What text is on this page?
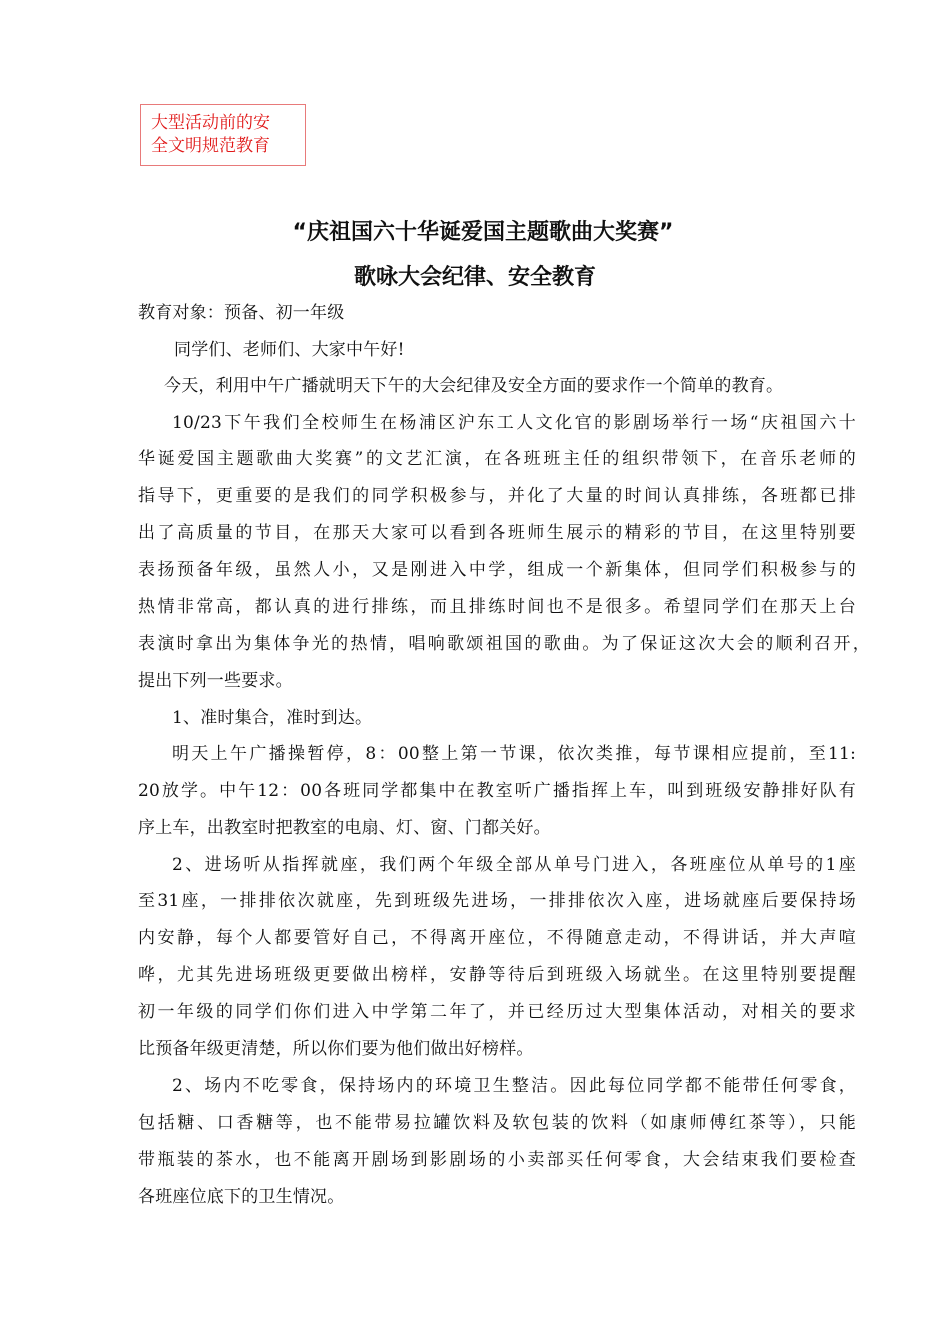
大型活动前的安
全文明规范教育
“庆祖国六十华诞爱国主题歌曲大奖赛”
歌咏大会纪律、安全教育
教育对象：预备、初一年级
同学们、老师们、大家中午好!
今天，利用中午广播就明天下午的大会纪律及安全方面的要求作一个简单的教育。
10/23下午我们全校师生在杨浦区沪东工人文化官的影剧场举行一场“庆祖国六十
华诞爱国主题歌曲大奖赛”的文艺汇演，在各班班主任的组织带领下，在音乐老师的
指导下，更重要的是我们的同学积极参与，并化了大量的时间认真排练，各班都已排
出了高质量的节目，在那天大家可以看到各班师生展示的精彩的节目，在这里特别要
表扬预备年级，虽然人小，又是刚进入中学，组成一个新集体，但同学们积极参与的
热情非常高，都认真的进行排练，而且排练时间也不是很多。希望同学们在那天上台
表演时拿出为集体争光的热情，唱响歌颂祖国的歌曲。为了保证这次大会的顺利召开，
提出下列一些要求。
1、准时集合，准时到达。
明天上午广播操暂停，8：00整上第一节课，依次类推，每节课相应提前，至11:
20放学。中午12：00各班同学都集中在教室听广播指挥上车，叫到班级安静排好队有
序上车，出教室时把教室的电扇、灯、窗、门都关好。
2、进场听从指挥就座，我们两个年级全部从单号门进入，各班座位从单号的1座
至31座，一排排依次就座，先到班级先进场，一排排依次入座，进场就座后要保持场
内安静，每个人都要管好自己，不得离开座位，不得随意走动，不得讲话，并大声喧
哗，尤其先进场班级更要做出榜样，安静等待后到班级入场就坐。在这里特别要提醒
初一年级的同学们你们进入中学第二年了，并已经历过大型集体活动，对相关的要求
比预备年级更清楚，所以你们要为他们做出好榜样。
2、场内不吃零食，保持场内的环境卫生整洁。因此每位同学都不能带任何零食，
包括糖、口香糖等，也不能带易拉罐饮料及软包装的饮料（如康师傅红茶等），只能
带瓶装的茶水，也不能离开剧场到影剧场的小卖部买任何零食，大会结束我们要检查
各班座位底下的卫生情况。
